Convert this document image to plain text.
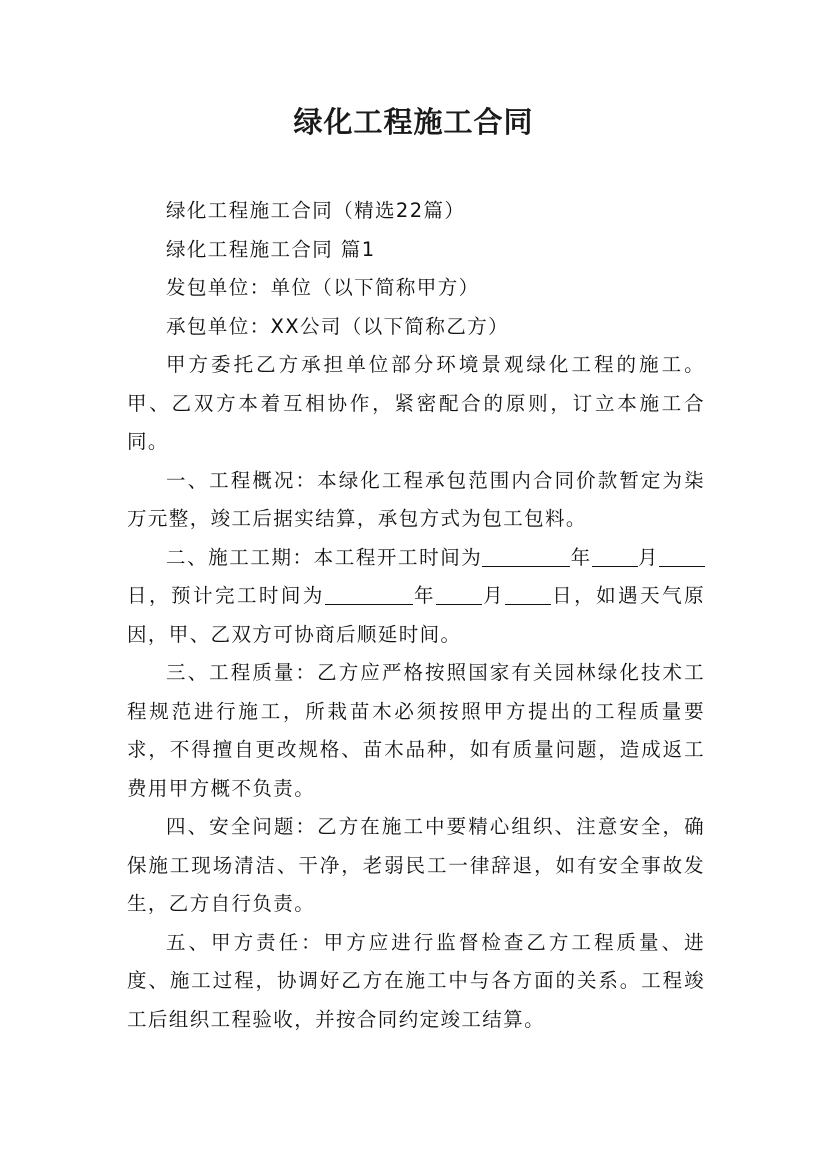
绿化工程施工合同

绿化工程施工合同（精选22篇）

绿化工程施工合同 篇1

发包单位：单位（以下简称甲方）

承包单位：XX公司（以下简称乙方）

甲方委托乙方承担单位部分环境景观绿化工程的施工。甲、乙双方本着互相协作，紧密配合的原则，订立本施工合同。

一、工程概况：本绿化工程承包范围内合同价款暂定为柒万元整，竣工后据实结算，承包方式为包工包料。

二、施工工期：本工程开工时间为	年 月日，预计完工时间为	年 月 日，如遇天气原因，甲、乙双方可协商后顺延时间。

三、工程质量：乙方应严格按照国家有关园林绿化技术工程规范进行施工，所栽苗木必须按照甲方提出的工程质量要求，不得擅自更改规格、苗木品种，如有质量问题，造成返工费用甲方概不负责。

四、安全问题：乙方在施工中要精心组织、注意安全，确保施工现场清洁、干净，老弱民工一律辞退，如有安全事故发生，乙方自行负责。

五、甲方责任：甲方应进行监督检查乙方工程质量、进度、施工过程，协调好乙方在施工中与各方面的关系。工程竣工后组织工程验收，并按合同约定竣工结算。
